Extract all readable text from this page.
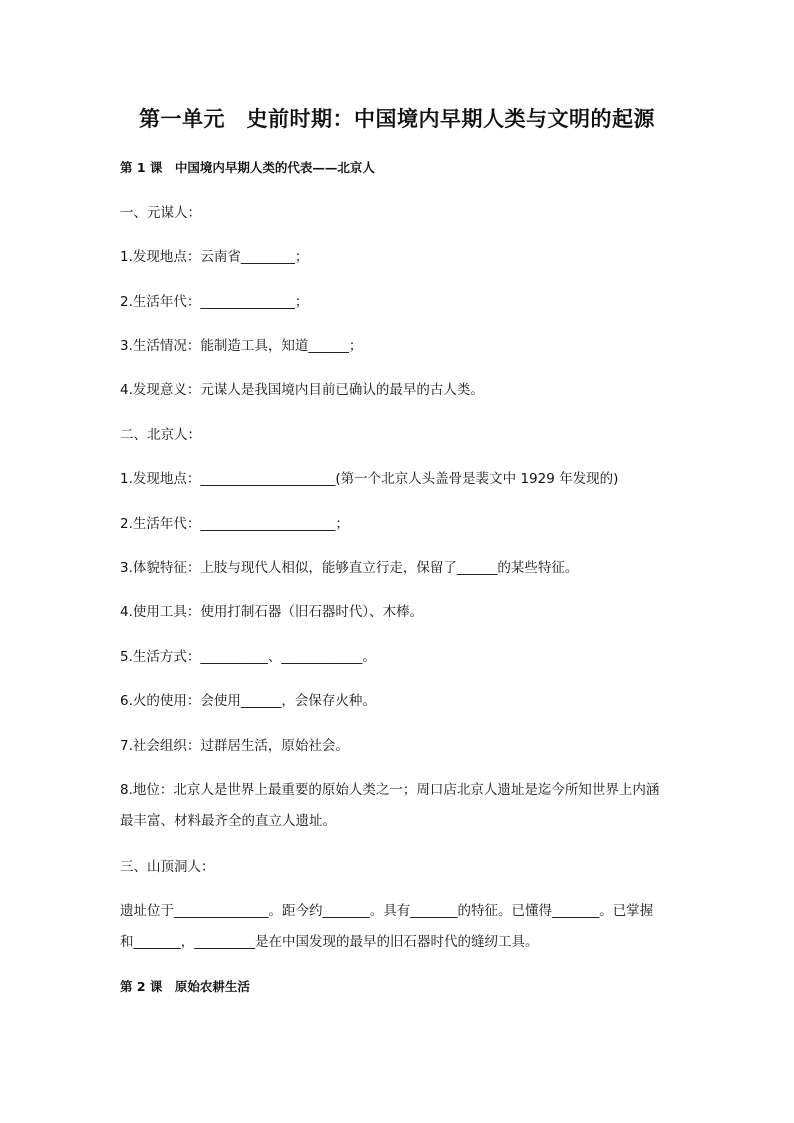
第一单元　史前时期：中国境内早期人类与文明的起源
第 1 课　中国境内早期人类的代表——北京人
一、元谋人：
1.发现地点：云南省________；
2.生活年代：______________；
3.生活情况：能制造工具，知道______；
4.发现意义：元谋人是我国境内目前已确认的最早的古人类。
二、北京人：
1.发现地点：____________________(第一个北京人头盖骨是裴文中 1929 年发现的)
2.生活年代：____________________；
3.体貌特征：上肢与现代人相似，能够直立行走，保留了______的某些特征。
4.使用工具：使用打制石器（旧石器时代）、木棒。
5.生活方式：__________、____________。
6.火的使用：会使用______，会保存火种。
7.社会组织：过群居生活，原始社会。
8.地位：北京人是世界上最重要的原始人类之一；周口店北京人遗址是迄今所知世界上内涵
最丰富、材料最齐全的直立人遗址。
三、山顶洞人：
遗址位于______________。距今约_______。具有_______的特征。已懂得_______。已掌握
和_______，_________是在中国发现的最早的旧石器时代的缝纫工具。
第 2 课　原始农耕生活
